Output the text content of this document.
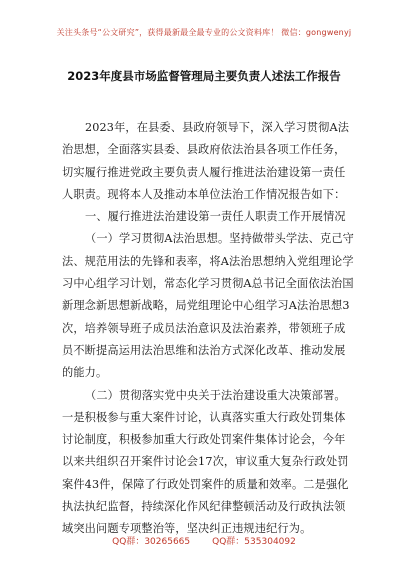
关注头条号“公文研究”，获得最新最全最专业的公文资料库！ 微信：gongwenyj
2023年度县市场监督管理局主要负责人述法工作报告
2023年，在县委、县政府领导下，深入学习贯彻A法
治思想，全面落实县委、县政府依法治县各项工作任务，
切实履行推进党政主要负责人履行推进法治建设第一责任
人职责。现将本人及推动本单位法治工作情况报告如下：
一、履行推进法治建设第一责任人职责工作开展情况
（一）学习贯彻A法治思想。坚持做带头学法、克己守
法、规范用法的先锋和表率，将A法治思想纳入党组理论学
习中心组学习计划，常态化学习贯彻A总书记全面依法治国
新理念新思想新战略，局党组理论中心组学习A法治思想3
次，培养领导班子成员法治意识及法治素养，带领班子成
员不断提高运用法治思维和法治方式深化改革、推动发展
的能力。
（二）贯彻落实党中央关于法治建设重大决策部署。
一是积极参与重大案件讨论，认真落实重大行政处罚集体
讨论制度，积极参加重大行政处罚案件集体讨论会，今年
以来共组织召开案件讨论会17次，审议重大复杂行政处罚
案件43件，保障了行政处罚案件的质量和效率。二是强化
执法执纪监督，持续深化作风纪律整顿活动及行政执法领
域突出问题专项整治等，坚决纠正违规违纪行为。
QQ群：30265665 QQ群：535304092
